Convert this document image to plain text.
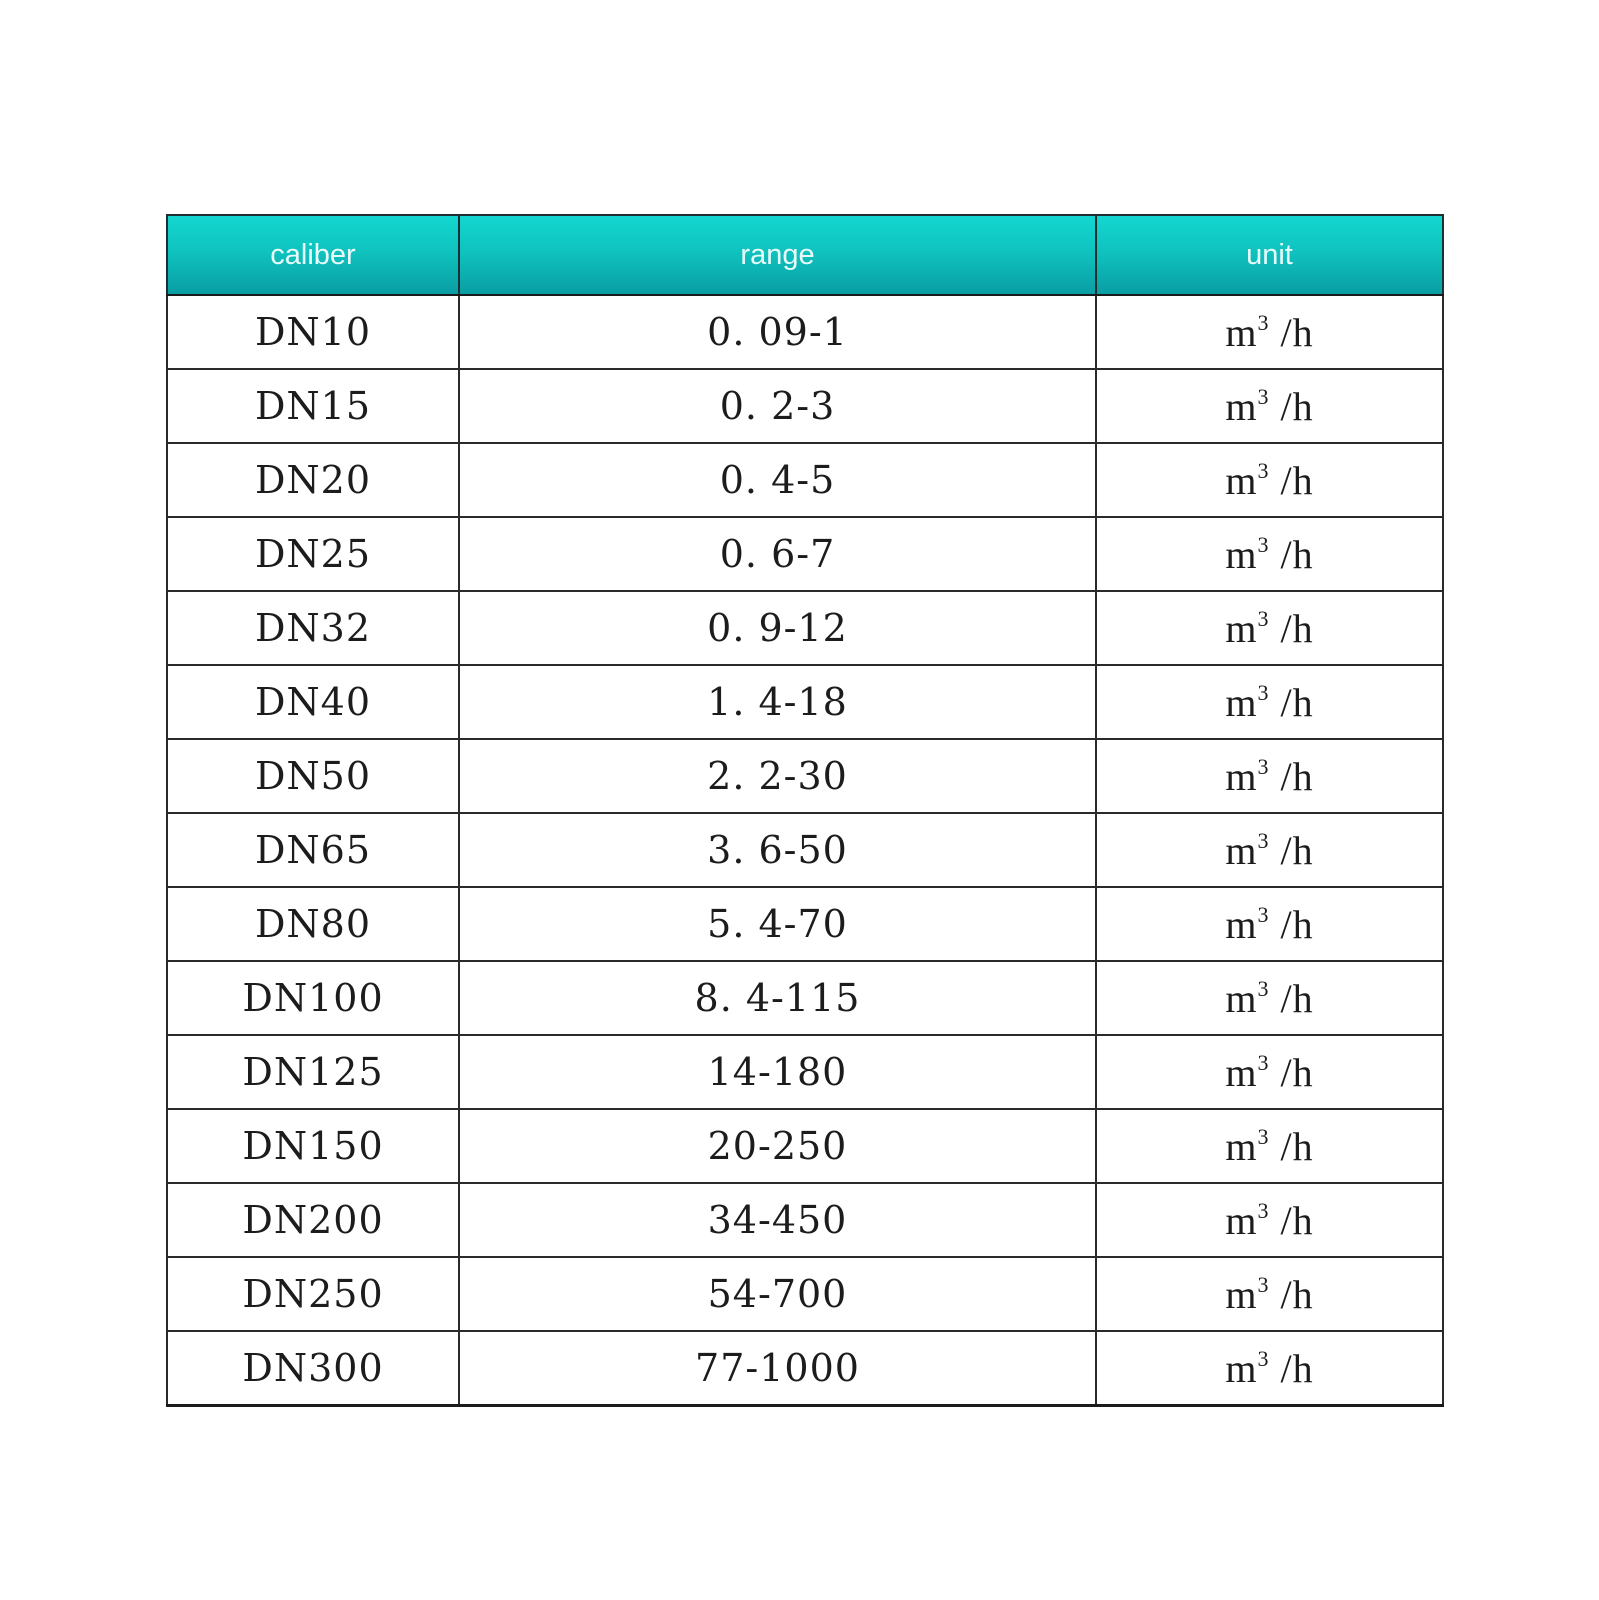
caliber	range	unit
DN10	0. 09-1	$m^3$ /h
DN15	0. 2-3	$m^3$ /h
DN20	0. 4-5	$m^3$ /h
DN25	0. 6-7	$m^3$ /h
DN32	0. 9-12	$m^3$ /h
DN40	1. 4-18	$m^3$ /h
DN50	2. 2-30	$m^3$ /h
DN65	3. 6-50	$m^3$ /h
DN80	5. 4-70	$m^3$ /h
DN100	8. 4-115	$m^3$ /h
DN125	14-180	$m^3$ /h
DN150	20-250	$m^3$ /h
DN200	34-450	$m^3$ /h
DN250	54-700	$m^3$ /h
DN300	77-1000	$m^3$ /h
